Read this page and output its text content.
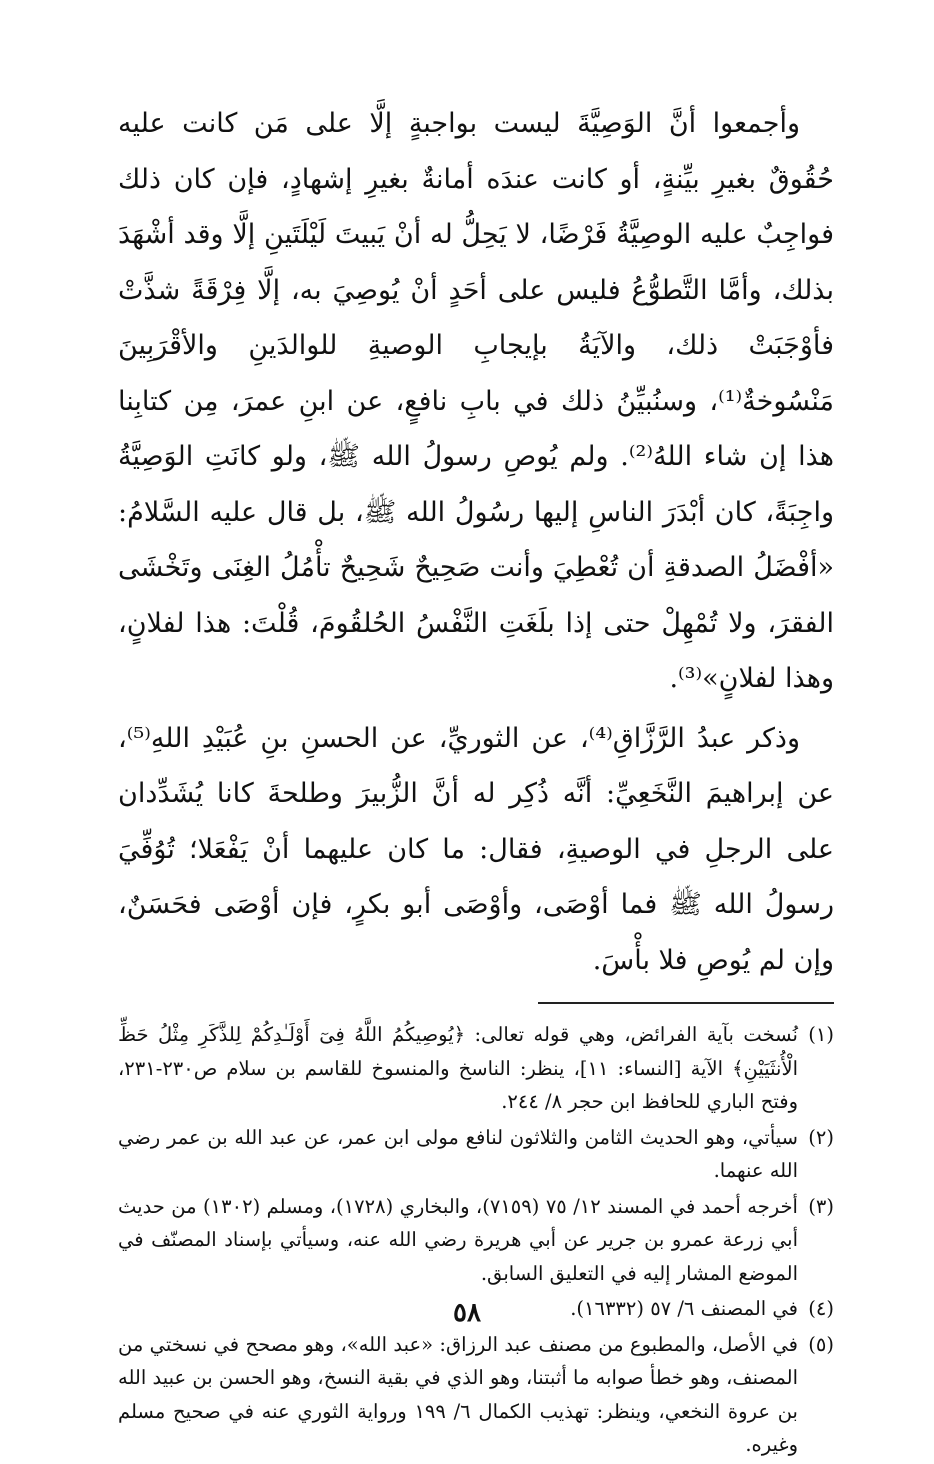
وأجمعوا أنَّ الوَصِيَّةَ ليست بواجبةٍ إلَّا على مَن كانت عليه حُقُوقٌ بغيرِ بيِّنةٍ، أو كانت عندَه أمانةٌ بغيرِ إشهادٍ، فإن كان ذلك فواجِبٌ عليه الوصِيَّةُ فَرْضًا، لا يَحِلُّ له أنْ يَبيتَ لَيْلَتَينِ إلَّا وقد أشْهَدَ بذلك، وأمَّا التَّطوُّعُ فليس على أحَدٍ أنْ يُوصِيَ به، إلَّا فِرْقَةً شذَّتْ فأوْجَبَتْ ذلك، والآيَةُ بإيجابِ الوصيةِ للوالدَينِ والأقْرَبِينَ مَنْسُوخةٌ⁽¹⁾، وسنُبيِّنُ ذلك في بابِ نافعٍ، عن ابنِ عمرَ، مِن كتابِنا هذا إن شاء اللهُ⁽²⁾. ولم يُوصِ رسولُ الله ﷺ، ولو كانَتِ الوَصِيَّةُ واجِبَةً، كان أبْدَرَ الناسِ إليها رسُولُ الله ﷺ، بل قال عليه السَّلامُ: «أفْضَلُ الصدقةِ أن تُعْطِيَ وأنت صَحِيحٌ شَحِيحٌ تأْمُلُ الغِنَى وتَخْشَى الفقرَ، ولا تُمْهِلْ حتى إذا بلَغَتِ النَّفْسُ الحُلقُومَ، قُلْتَ: هذا لفلانٍ، وهذا لفلانٍ»⁽³⁾.

وذكر عبدُ الرَّزَّاقِ⁽⁴⁾، عن الثوريِّ، عن الحسنِ بنِ عُبَيْدِ اللهِ⁽⁵⁾، عن إبراهيمَ النَّخَعِيِّ: أنَّه ذُكِر له أنَّ الزُّبيرَ وطلحةَ كانا يُشَدِّدان على الرجلِ في الوصيةِ، فقال: ما كان عليهما أنْ يَفْعَلا؛ تُوُفِّيَ رسولُ الله ﷺ فما أوْصَى، وأوْصَى أبو بكرٍ، فإن أوْصَى فحَسَنٌ، وإن لم يُوصِ فلا بأْسَ.

(١)نُسخت بآية الفرائض، وهي قوله تعالى: ﴿يُوصِيكُمُ اللَّهُ فِىٓ أَوْلَـٰدِكُمْ لِلذَّكَرِ مِثْلُ حَظِّ الْأُنثَيَيْنِ﴾ الآية [النساء: ١١]، ينظر: الناسخ والمنسوخ للقاسم بن سلام ص٢٣٠-٢٣١، وفتح الباري للحافظ ابن حجر ٨/ ٢٤٤.

(٢)سيأتي، وهو الحديث الثامن والثلاثون لنافع مولى ابن عمر، عن عبد الله بن عمر رضي الله عنهما.

(٣)أخرجه أحمد في المسند ١٢/ ٧٥ (٧١٥٩)، والبخاري (١٧٢٨)، ومسلم (١٣٠٢) من حديث أبي زرعة عمرو بن جرير عن أبي هريرة رضي الله عنه، وسيأتي بإسناد المصنّف في الموضع المشار إليه في التعليق السابق.

(٤)في المصنف ٦/ ٥٧ (١٦٣٣٢).

(٥)في الأصل، والمطبوع من مصنف عبد الرزاق: «عبد الله»، وهو مصحح في نسختي من المصنف، وهو خطأ صوابه ما أثبتنا، وهو الذي في بقية النسخ، وهو الحسن بن عبيد الله بن عروة النخعي، وينظر: تهذيب الكمال ٦/ ١٩٩ ورواية الثوري عنه في صحيح مسلم وغيره.

٥٨
